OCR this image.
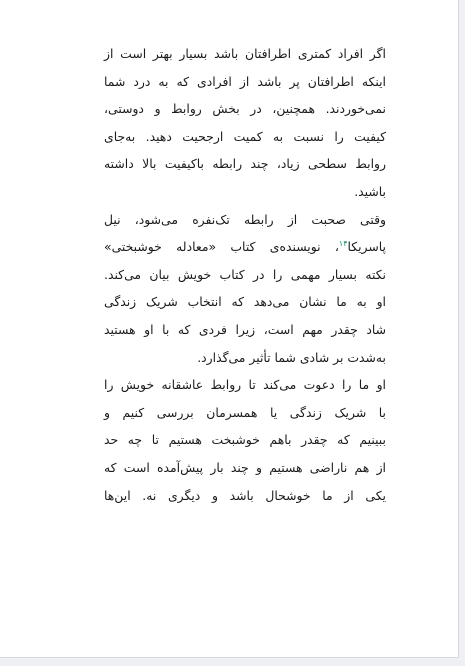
اگر افراد کمتری اطرافتان باشد بسیار بهتر است از
اینکه اطرافتان پر باشد از افرادی که به درد شما
نمی‌خوردند. همچنین، در بخش روابط و دوستی،
کیفیت را نسبت به کمیت ارجحیت دهید. به‌جای
روابط سطحی زیاد، چند رابطه باکیفیت بالا داشته
باشید.

وقتی صحبت از رابطه تک‌نفره می‌شود، نیل
پاسریکا$^{۱۴}$، نویسنده‌ی کتاب «معادله خوشبختی»
نکته بسیار مهمی را در کتاب خویش بیان می‌کند.
او به ما نشان می‌دهد که انتخاب شریک زندگی
شاد چقدر مهم است، زیرا فردی که با او هستید
به‌شدت بر شادی شما تأثیر می‌گذارد.

او ما را دعوت می‌کند تا روابط عاشقانه خویش را
با شریک زندگی یا همسرمان بررسی کنیم و
ببینیم که چقدر باهم خوشبخت هستیم تا چه حد
از هم ناراضی هستیم و چند بار پیش‌آمده است که
یکی از ما خوشحال باشد و دیگری نه. این‌ها
